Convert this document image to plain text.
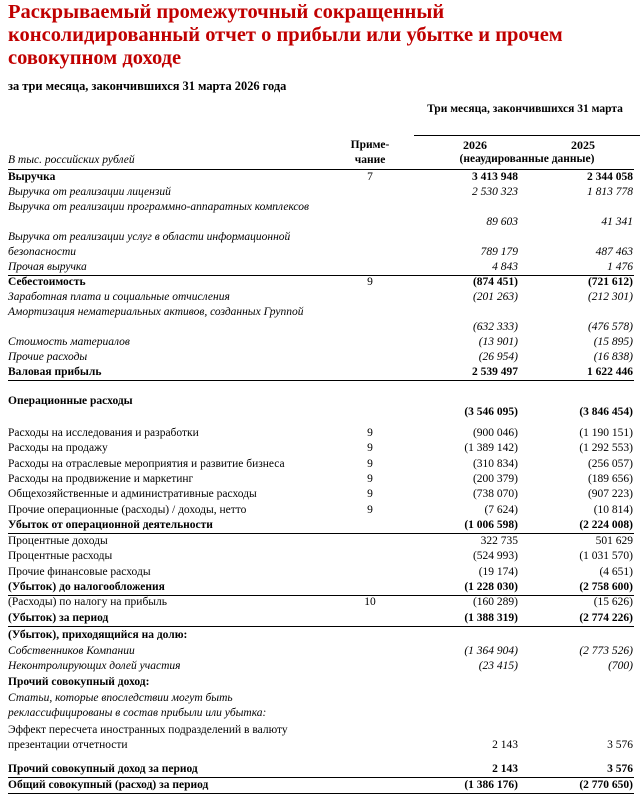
Раскрываемый промежуточный сокращенный консолидированный отчет о прибыли или убытке и прочем совокупном доходе

за три месяца, закончившихся 31 марта 2026 года

Три месяца, закончившихся 31 марта
Приме-чание
2026	2025
(неаудированные данные)
В тыс. российских рублей
Выручка	7	3 413 948	2 344 058
Выручка от реализации лицензий	2 530 323	1 813 778
Выручка от реализации программно-аппаратных комплексов
89 603	41 341
Выручка от реализации услуг в области информационной безопасности	789 179	487 463
Прочая выручка	4 843	1 476
Себестоимость	9	(874 451)	(721 612)
Заработная плата и социальные отчисления	(201 263)	(212 301)
Амортизация нематериальных активов, созданных Группой
(632 333)	(476 578)
Стоимость материалов	(13 901)	(15 895)
Прочие расходы	(26 954)	(16 838)
Валовая прибыль	2 539 497	1 622 446
Операционные расходы
(3 546 095)	(3 846 454)
Расходы на исследования и разработки	9	(900 046)	(1 190 151)
Расходы на продажу	9	(1 389 142)	(1 292 553)
Расходы на отраслевые мероприятия и развитие бизнеса	9	(310 834)	(256 057)
Расходы на продвижение и маркетинг	9	(200 379)	(189 656)
Общехозяйственные и административные расходы	9	(738 070)	(907 223)
Прочие операционные (расходы) / доходы, нетто	9	(7 624)	(10 814)
Убыток от операционной деятельности	(1 006 598)	(2 224 008)
Процентные доходы	322 735	501 629
Процентные расходы	(524 993)	(1 031 570)
Прочие финансовые расходы	(19 174)	(4 651)
(Убыток) до налогообложения	(1 228 030)	(2 758 600)
(Расходы) по налогу на прибыль	10	(160 289)	(15 626)
(Убыток) за период	(1 388 319)	(2 774 226)
(Убыток), приходящийся на долю:
Собственников Компании	(1 364 904)	(2 773 526)
Неконтролирующих долей участия	(23 415)	(700)
Прочий совокупный доход:
Статьи, которые впоследствии могут быть реклассифицированы в состав прибыли или убытка:
Эффект пересчета иностранных подразделений в валюту презентации отчетности	2 143	3 576
Прочий совокупный доход за период	2 143	3 576
Общий совокупный (расход) за период	(1 386 176)	(2 770 650)
